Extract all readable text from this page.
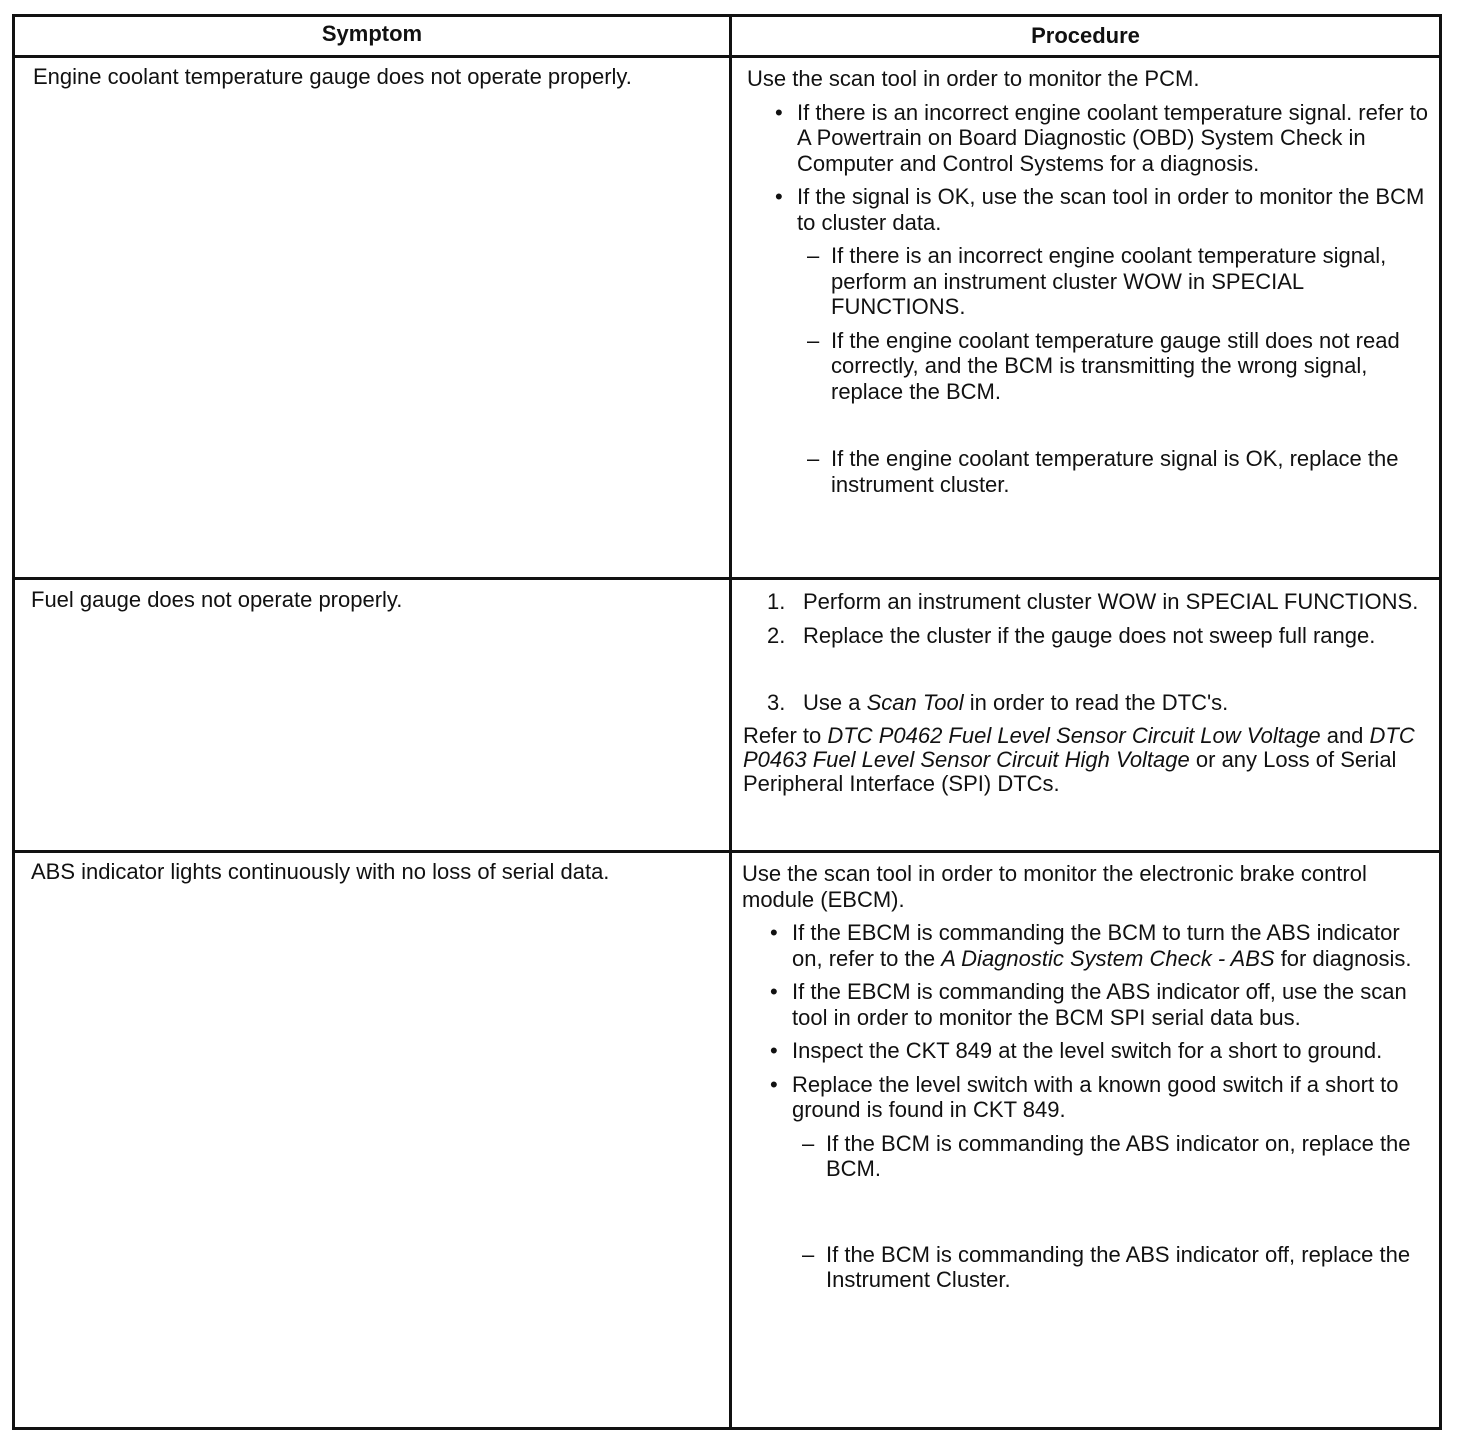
Symptom	Procedure
Engine coolant temperature gauge does not operate properly.	Use the scan tool in order to monitor the PCM.
• If there is an incorrect engine coolant temperature signal. refer to A Powertrain on Board Diagnostic (OBD) System Check in Computer and Control Systems for a diagnosis.
• If the signal is OK, use the scan tool in order to monitor the BCM to cluster data.
– If there is an incorrect engine coolant temperature signal, perform an instrument cluster WOW in SPECIAL FUNCTIONS.
– If the engine coolant temperature gauge still does not read correctly, and the BCM is transmitting the wrong signal, replace the BCM.
– If the engine coolant temperature signal is OK, replace the instrument cluster.
Fuel gauge does not operate properly.	1. Perform an instrument cluster WOW in SPECIAL FUNCTIONS.
2. Replace the cluster if the gauge does not sweep full range.
3. Use a Scan Tool in order to read the DTC's.
Refer to DTC P0462 Fuel Level Sensor Circuit Low Voltage and DTC P0463 Fuel Level Sensor Circuit High Voltage or any Loss of Serial Peripheral Interface (SPI) DTCs.
ABS indicator lights continuously with no loss of serial data.	Use the scan tool in order to monitor the electronic brake control module (EBCM).
• If the EBCM is commanding the BCM to turn the ABS indicator on, refer to the A Diagnostic System Check - ABS for diagnosis.
• If the EBCM is commanding the ABS indicator off, use the scan tool in order to monitor the BCM SPI serial data bus.
• Inspect the CKT 849 at the level switch for a short to ground.
• Replace the level switch with a known good switch if a short to ground is found in CKT 849.
– If the BCM is commanding the ABS indicator on, replace the BCM.
– If the BCM is commanding the ABS indicator off, replace the Instrument Cluster.
